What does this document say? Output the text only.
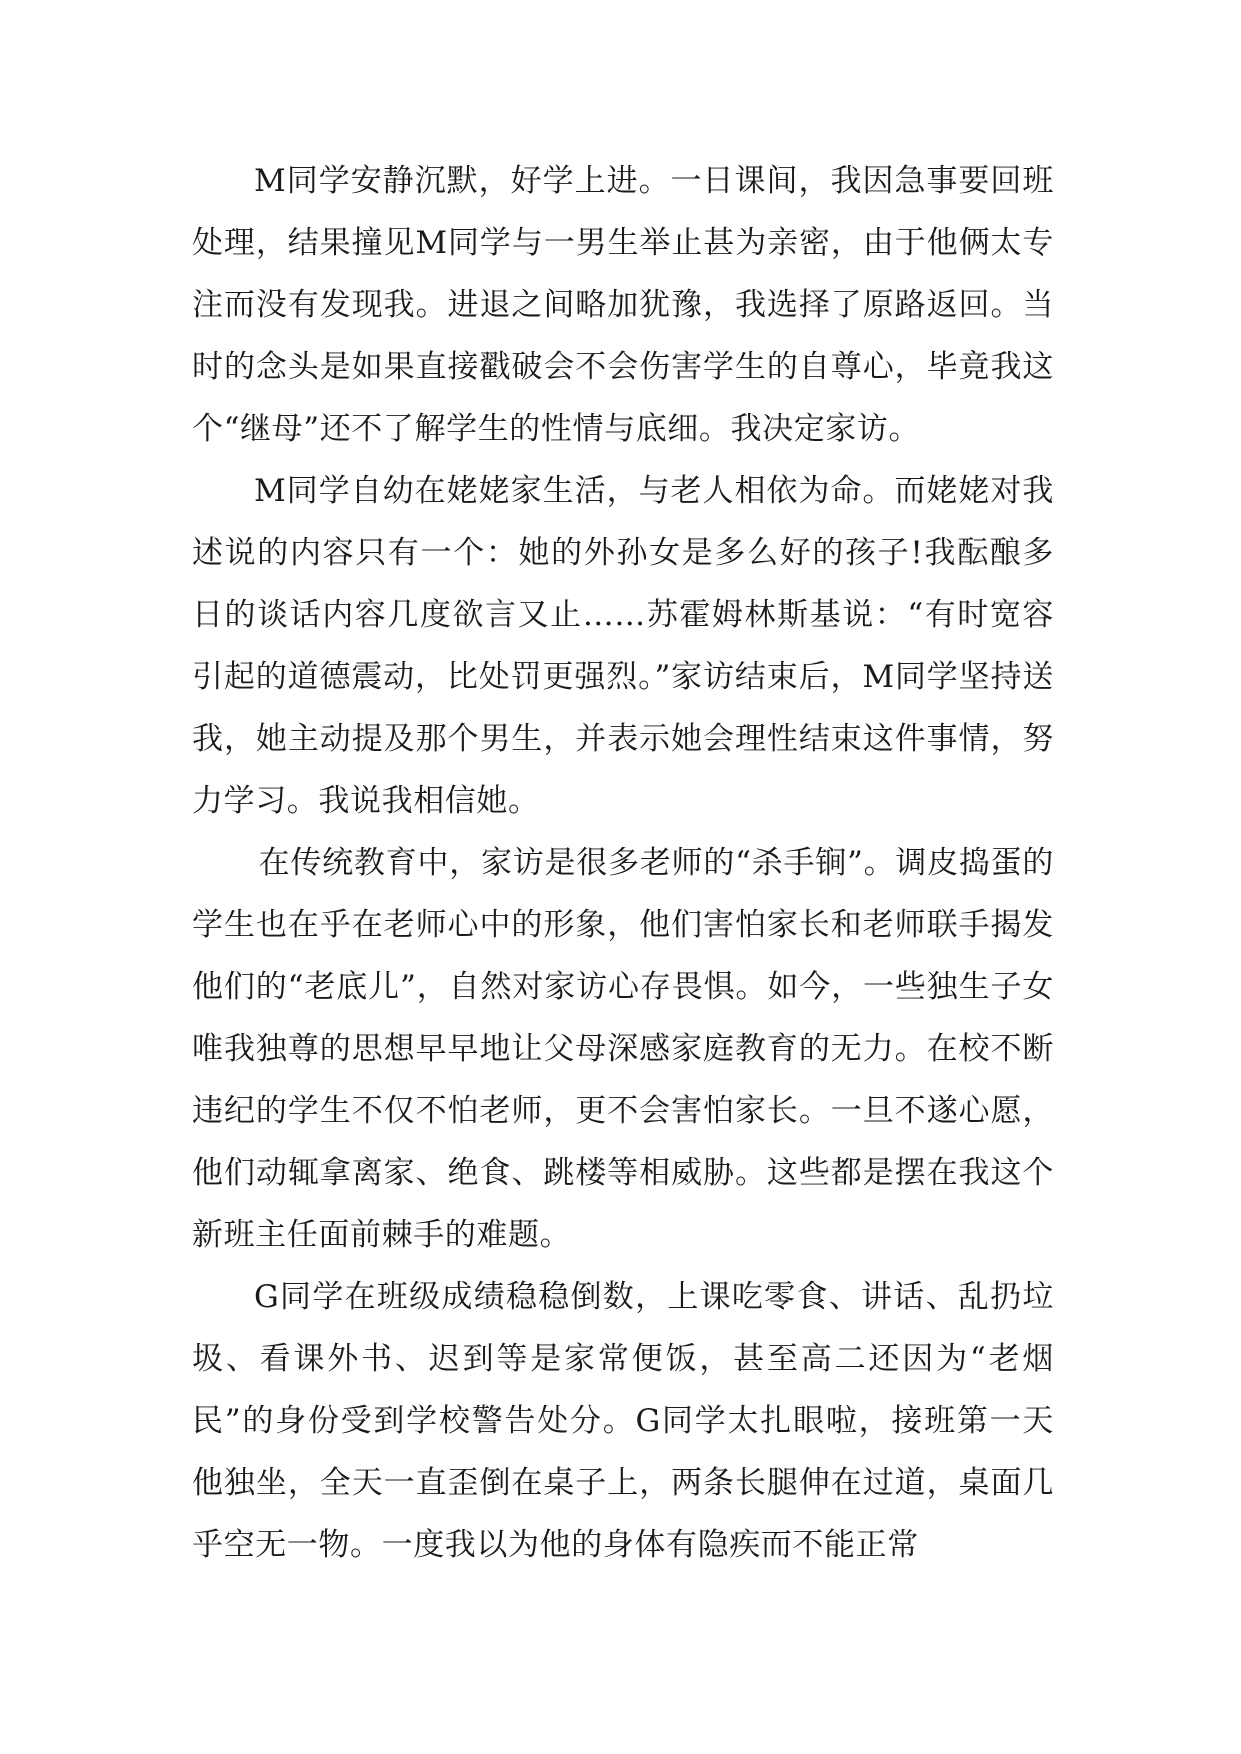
M同学安静沉默，好学上进。一日课间，我因急事要回班处理，结果撞见M同学与一男生举止甚为亲密，由于他俩太专注而没有发现我。进退之间略加犹豫，我选择了原路返回。当时的念头是如果直接戳破会不会伤害学生的自尊心，毕竟我这个“继母”还不了解学生的性情与底细。我决定家访。

M同学自幼在姥姥家生活，与老人相依为命。而姥姥对我述说的内容只有一个：她的外孙女是多么好的孩子!我酝酿多日的谈话内容几度欲言又止……苏霍姆林斯基说：“有时宽容引起的道德震动，比处罚更强烈。”家访结束后，M同学坚持送我，她主动提及那个男生，并表示她会理性结束这件事情，努力学习。我说我相信她。

在传统教育中，家访是很多老师的“杀手锏”。调皮捣蛋的学生也在乎在老师心中的形象，他们害怕家长和老师联手揭发他们的“老底儿”，自然对家访心存畏惧。如今，一些独生子女唯我独尊的思想早早地让父母深感家庭教育的无力。在校不断违纪的学生不仅不怕老师，更不会害怕家长。一旦不遂心愿，他们动辄拿离家、绝食、跳楼等相威胁。这些都是摆在我这个新班主任面前棘手的难题。

G同学在班级成绩稳稳倒数，上课吃零食、讲话、乱扔垃圾、看课外书、迟到等是家常便饭，甚至高二还因为“老烟民”的身份受到学校警告处分。G同学太扎眼啦，接班第一天他独坐，全天一直歪倒在桌子上，两条长腿伸在过道，桌面几乎空无一物。一度我以为他的身体有隐疾而不能正常
